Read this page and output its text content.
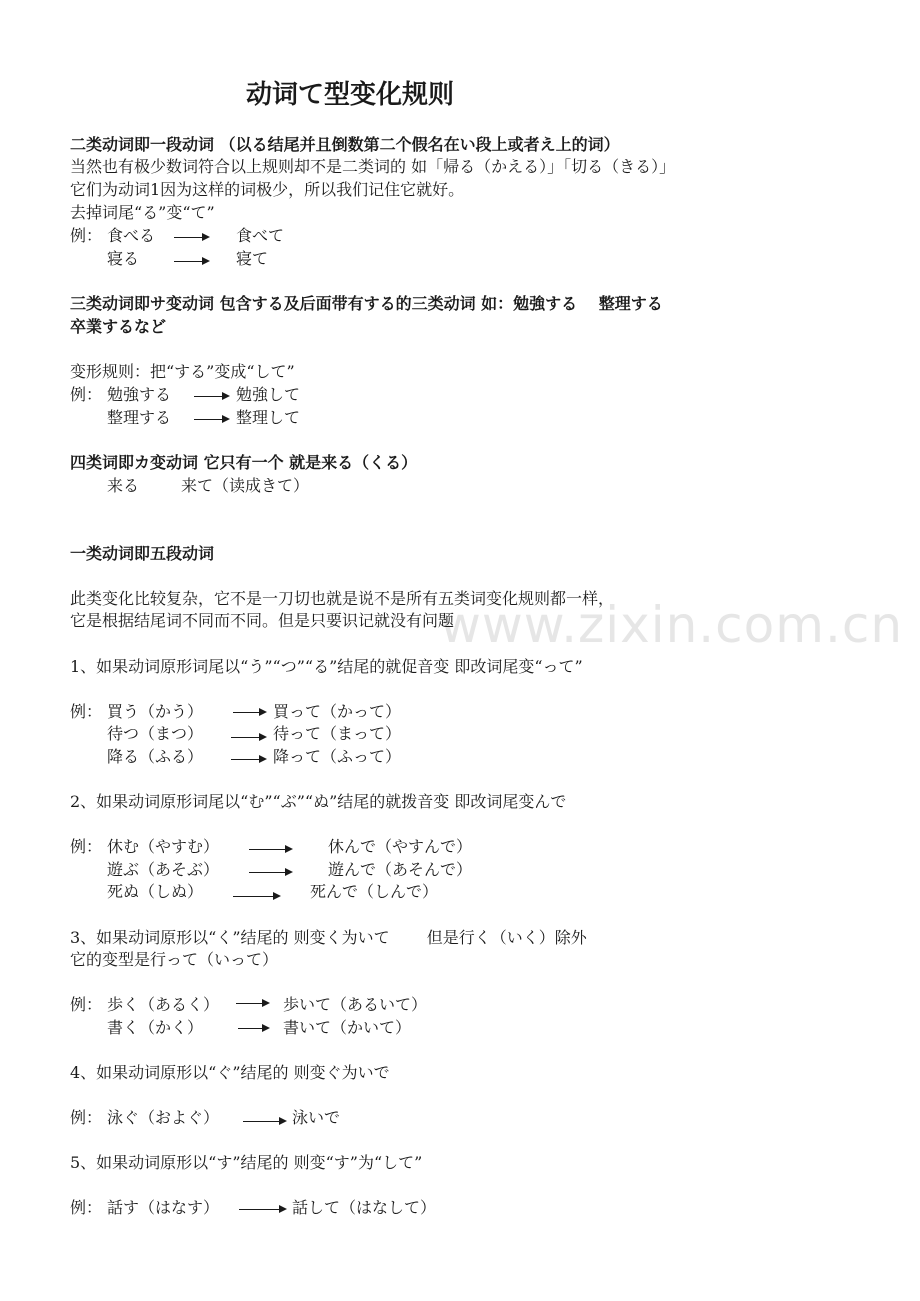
www.zixin.com.cn
动词て型变化规则
二类动词即一段动词 （以る结尾并且倒数第二个假名在い段上或者え上的词）
当然也有极少数词符合以上规则却不是二类词的 如「帰る（かえる）」「切る（きる）」
它们为动词1因为这样的词极少，所以我们记住它就好。
去掉词尾“る”变“て”
例： 食べる	食べて
寝る	寝て
三类动词即サ变动词 包含する及后面带有する的三类动词 如：勉強する　 整理する
卒業するなど
变形规则：把“する”变成“して”
例： 勉強する	勉強して
整理する	整理して
四类词即カ变动词 它只有一个 就是来る（くる）
来る	来て（读成きて）
一类动词即五段动词
此类变化比较复杂，它不是一刀切也就是说不是所有五类词变化规则都一样，
它是根据结尾词不同而不同。但是只要识记就没有问题
1、如果动词原形词尾以“う”“つ”“る”结尾的就促音变 即改词尾变“って”
例： 買う（かう）	買って（かって）
待つ（まつ）	待って（まって）
降る（ふる）	降って（ふって）
2、如果动词原形词尾以“む”“ぶ”“ぬ”结尾的就拨音变 即改词尾变んで
例： 休む（やすむ）	休んで（やすんで）
遊ぶ（あそぶ）	遊んで（あそんで）
死ぬ（しぬ）	死んで（しんで）
3、如果动词原形以“く”结尾的 则变く为いて　　 但是行く（いく）除外
它的变型是行って（いって）
例： 歩く（あるく）	歩いて（あるいて）
書く（かく）	書いて（かいて）
4、如果动词原形以“ぐ”结尾的 则变ぐ为いで
例： 泳ぐ（およぐ）	泳いで
5、如果动词原形以“す”结尾的 则变“す”为“して”
例： 話す（はなす）	話して（はなして）
